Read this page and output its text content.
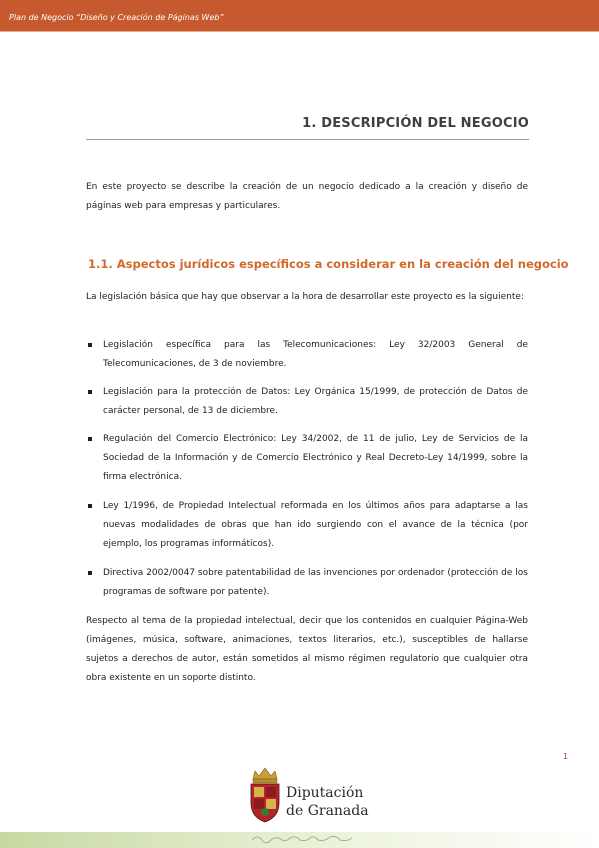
Plan de Negocio “Diseño y Creación de Páginas Web”
1. DESCRIPCIÓN DEL NEGOCIO

En este proyecto se describe la creación de un negocio dedicado a la creación y diseño de páginas web para empresas y particulares.

1.1. Aspectos jurídicos específicos a considerar en la creación del negocio

La legislación básica que hay que observar a la hora de desarrollar este proyecto es la siguiente:

Legislación específica para las Telecomunicaciones: Ley 32/2003 General de Telecomunicaciones, de 3 de noviembre.
Legislación para la protección de Datos: Ley Orgánica 15/1999, de protección de Datos de carácter personal, de 13 de diciembre.
Regulación del Comercio Electrónico: Ley 34/2002, de 11 de julio, Ley de Servicios de la Sociedad de la Información y de Comercio Electrónico y Real Decreto-Ley 14/1999, sobre la firma electrónica.
Ley 1/1996, de Propiedad Intelectual reformada en los últimos años para adaptarse a las nuevas modalidades de obras que han ido surgiendo con el avance de la técnica (por ejemplo, los programas informáticos).
Directiva 2002/0047 sobre patentabilidad de las invenciones por ordenador (protección de los programas de software por patente).

Respecto al tema de la propiedad intelectual, decir que los contenidos en cualquier Página-Web (imágenes, música, software, animaciones, textos literarios, etc.), susceptibles de hallarse sujetos a derechos de autor, están sometidos al mismo régimen regulatorio que cualquier otra obra existente en un soporte distinto.

1
Diputación
de Granada
